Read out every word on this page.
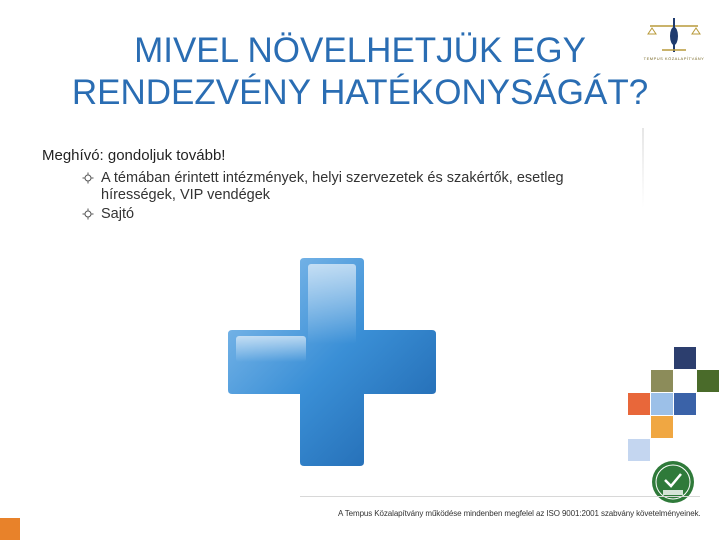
MIVEL NÖVELHETJÜK EGY
RENDEZVÉNY HATÉKONYSÁGÁT?
TEMPUS KÖZALAPÍTVÁNY

Meghívó: gondoljuk tovább!

A témában érintett intézmények, helyi szervezetek és szakértők, esetleg
hírességek, VIP vendégek
Sajtó
A Tempus Közalapítvány működése mindenben megfelel az ISO 9001:2001 szabvány követelményeinek.
